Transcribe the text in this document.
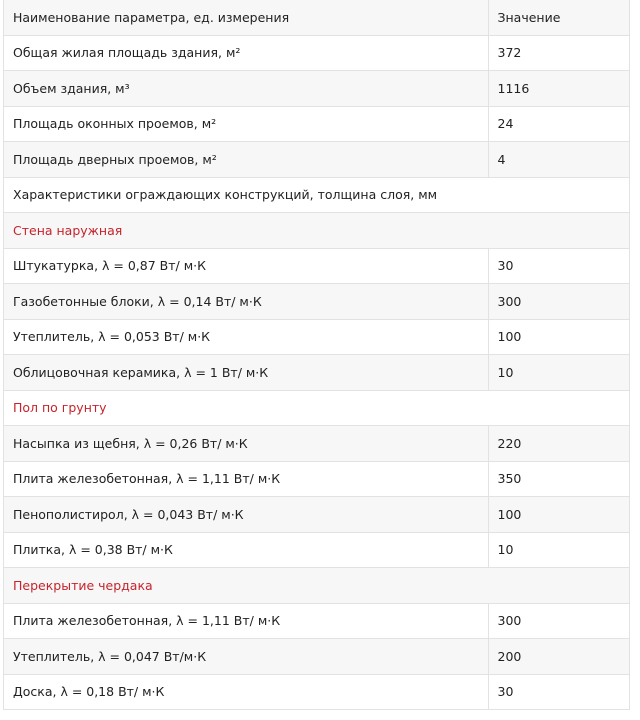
Наименование параметра, ед. измерения	Значение
Общая жилая площадь здания, м²	372
Объем здания, м³	1116
Площадь оконных проемов, м²	24
Площадь дверных проемов, м²	4
Характеристики ограждающих конструкций, толщина слоя, мм	
Стена наружная	
Штукатурка, λ = 0,87 Вт/ м·К	30
Газобетонные блоки, λ = 0,14 Вт/ м·К	300
Утеплитель, λ = 0,053 Вт/ м·К	100
Облицовочная керамика, λ = 1 Вт/ м·К	10
Пол по грунту	
Насыпка из щебня, λ = 0,26 Вт/ м·К	220
Плита железобетонная, λ = 1,11 Вт/ м·К	350
Пенополистирол, λ = 0,043 Вт/ м·К	100
Плитка, λ = 0,38 Вт/ м·К	10
Перекрытие чердака	
Плита железобетонная, λ = 1,11 Вт/ м·К	300
Утеплитель, λ = 0,047 Вт/м·К	200
Доска, λ = 0,18 Вт/ м·К	30
